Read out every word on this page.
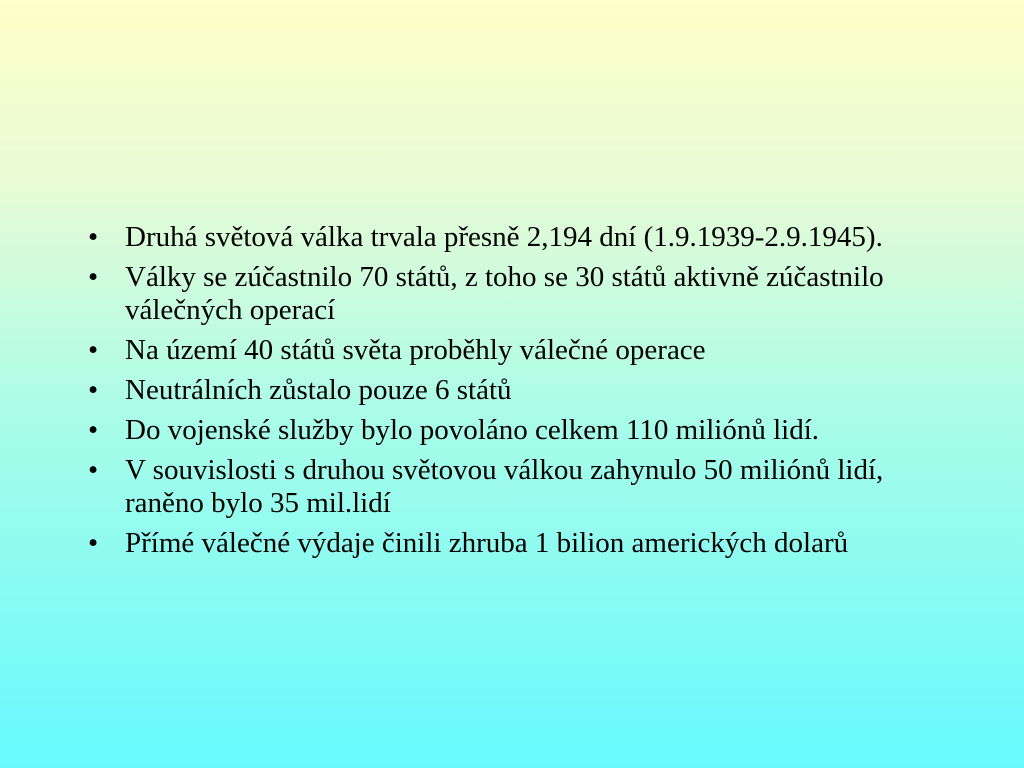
• Druhá světová válka trvala přesně 2,194 dní (1.9.1939-2.9.1945).
• Války se zúčastnilo 70 států, z toho se 30 států aktivně zúčastnilo válečných operací
• Na území 40 států světa proběhly válečné operace
• Neutrálních zůstalo pouze 6 států
• Do vojenské služby bylo povoláno celkem 110 miliónů lidí.
• V souvislosti s druhou světovou válkou zahynulo 50 miliónů lidí, raněno bylo 35 mil.lidí
• Přímé válečné výdaje činili zhruba 1 bilion amerických dolarů
